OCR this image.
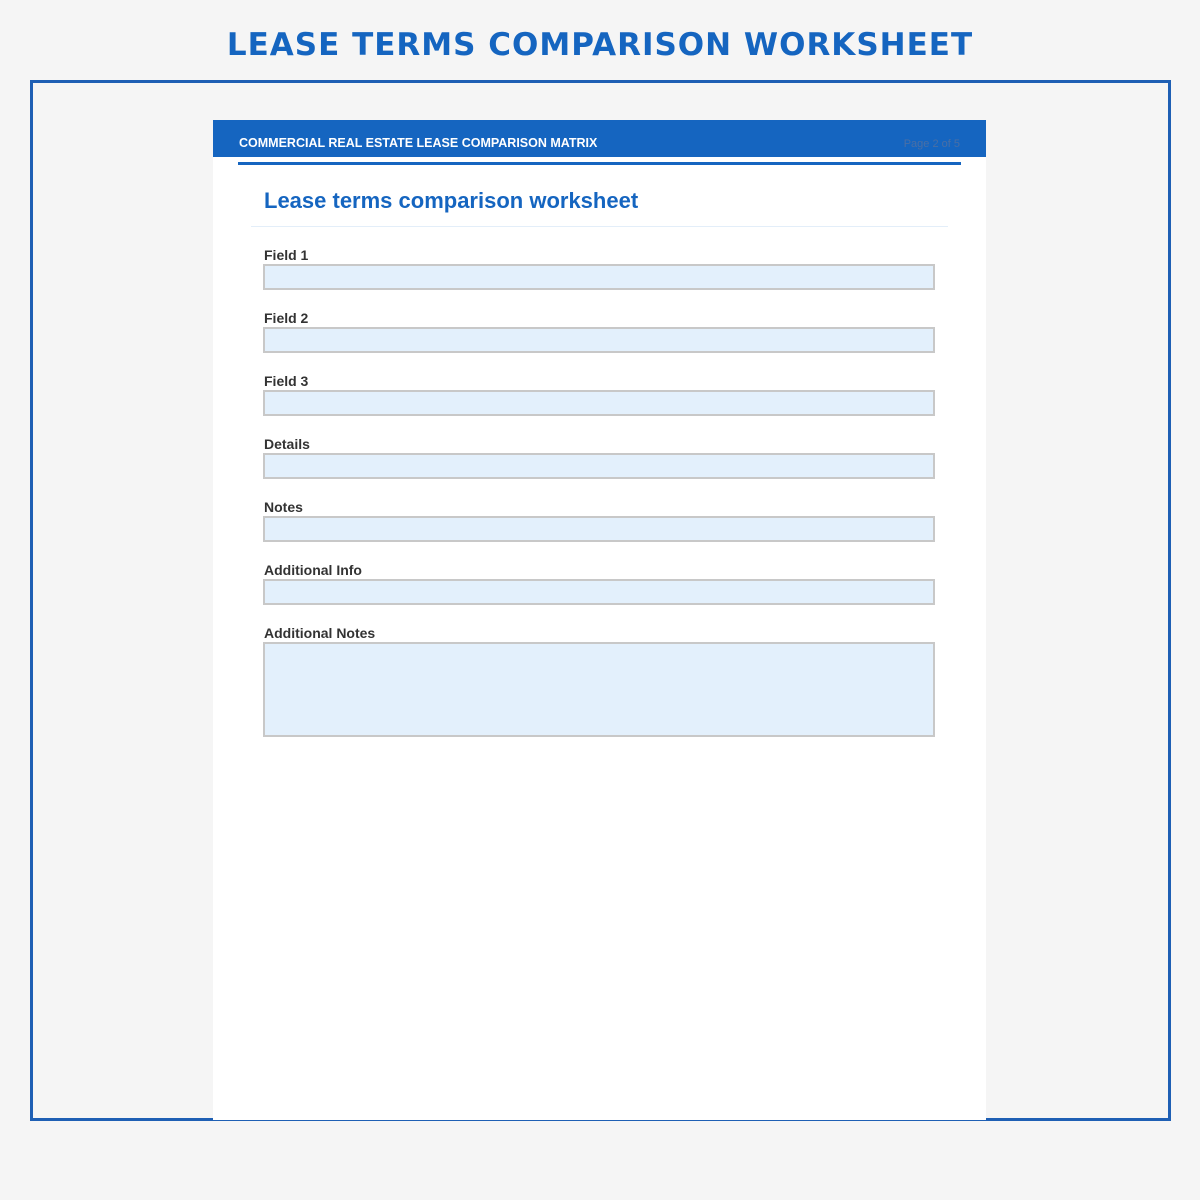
LEASE TERMS COMPARISON WORKSHEET
COMMERCIAL REAL ESTATE LEASE COMPARISON MATRIX	Page 2 of 5
Lease terms comparison worksheet
Field 1
Field 2
Field 3
Details
Notes
Additional Info
Additional Notes
